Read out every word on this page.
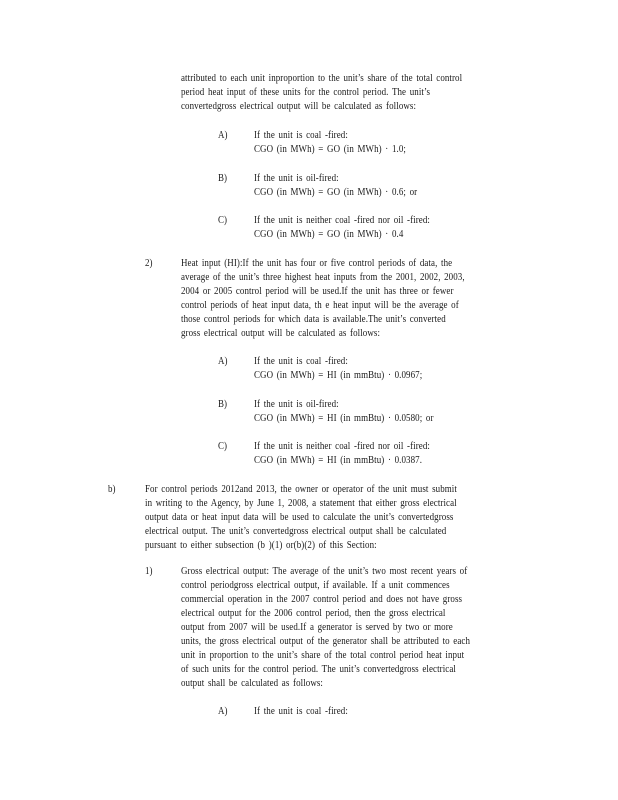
attributed to each unit inproportion to the unit’s share of the total control
period heat input of these units for the control period. The unit’s
convertedgross electrical output will be calculated as follows:
A)	If the unit is coal -fired:
CGO (in MWh) = GO (in MWh) · 1.0;
B)	If the unit is oil-fired:
CGO (in MWh) = GO (in MWh) · 0.6; or
C)	If the unit is neither coal -fired nor oil -fired:
CGO (in MWh) = GO (in MWh) · 0.4
2)	Heat input (HI):If the unit has four or five control periods of data, the
average of the unit’s three highest heat inputs from the 2001, 2002, 2003,
2004 or 2005 control period will be used.If the unit has three or fewer
control periods of heat input data, th e heat input will be the average of
those control periods for which data is available.The unit’s converted
gross electrical output will be calculated as follows:
A)	If the unit is coal -fired:
CGO (in MWh) = HI (in mmBtu) · 0.0967;
B)	If the unit is oil-fired:
CGO (in MWh) = HI (in mmBtu) · 0.0580; or
C)	If the unit is neither coal -fired nor oil -fired:
CGO (in MWh) = HI (in mmBtu) · 0.0387.
b)	For control periods 2012and 2013, the owner or operator of the unit must submit
in writing to the Agency, by June 1, 2008, a statement that either gross electrical
output data or heat input data will be used to calculate the unit’s convertedgross
electrical output. The unit’s convertedgross electrical output shall be calculated
pursuant to either subsection (b )(1) or(b)(2) of this Section:
1)	Gross electrical output: The average of the unit’s two most recent years of
control periodgross electrical output, if available. If a unit commences
commercial operation in the 2007 control period and does not have gross
electrical output for the 2006 control period, then the gross electrical
output from 2007 will be used.If a generator is served by two or more
units, the gross electrical output of the generator shall be attributed to each
unit in proportion to the unit’s share of the total control period heat input
of such units for the control period. The unit’s convertedgross electrical
output shall be calculated as follows:
A)	If the unit is coal -fired:
